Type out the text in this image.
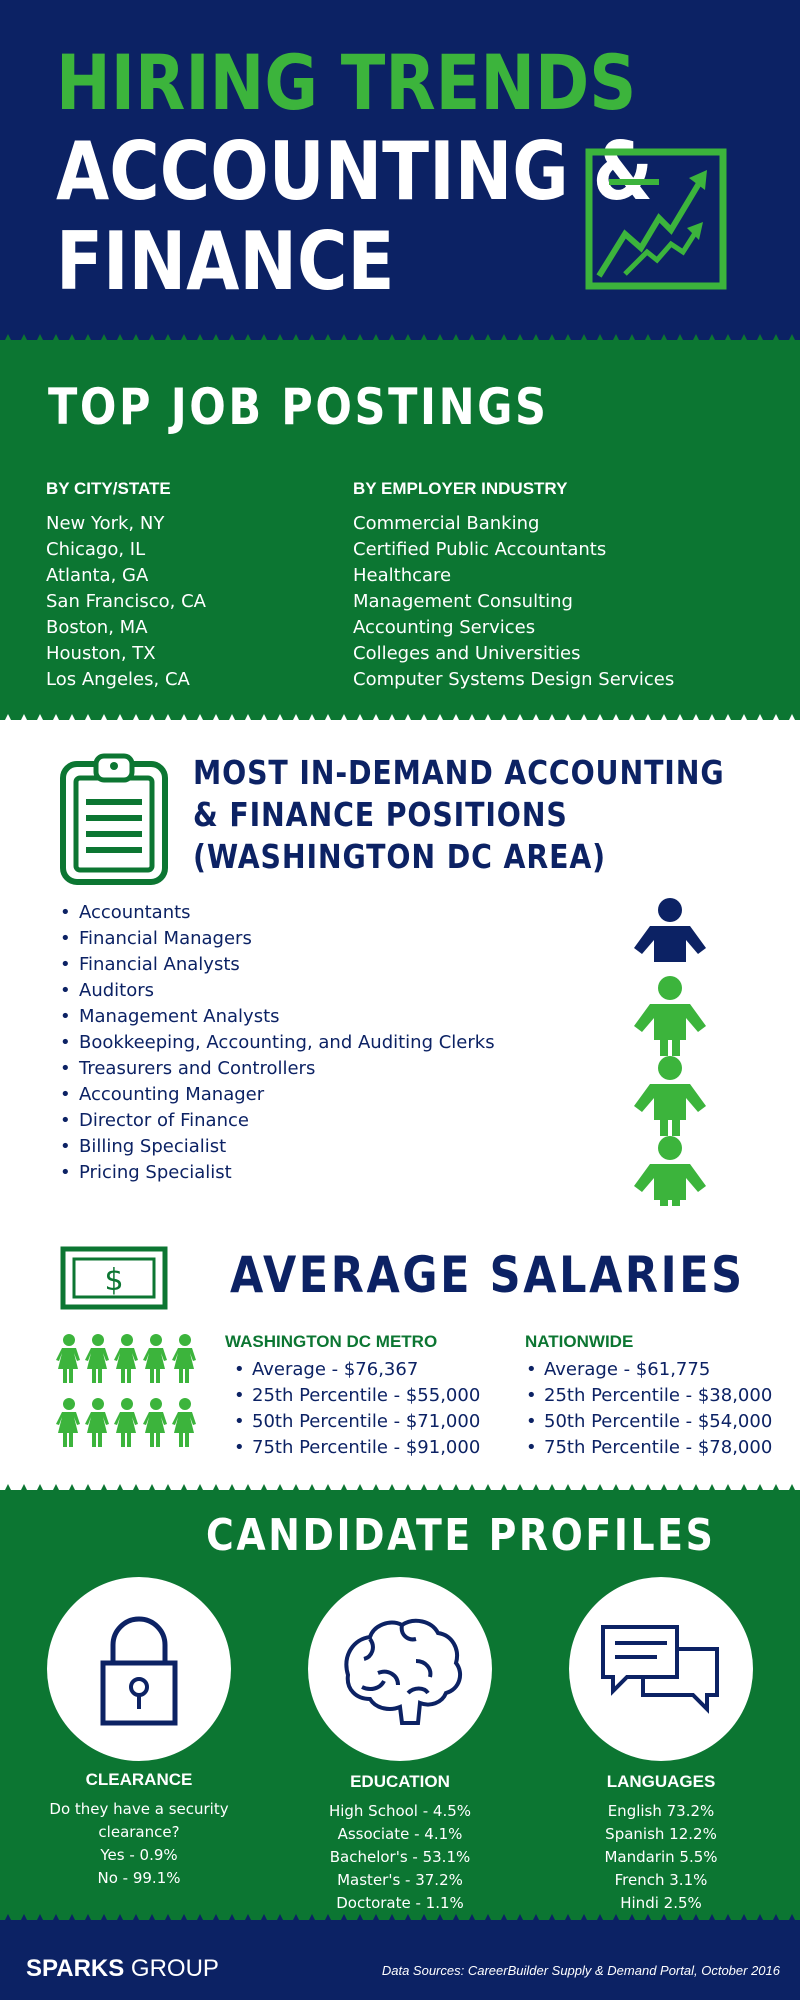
HIRING TRENDS
ACCOUNTING &
FINANCE
TOP JOB POSTINGS
BY CITY/STATE
New York, NY
Chicago, IL
Atlanta, GA
San Francisco, CA
Boston, MA
Houston, TX
Los Angeles, CA
BY EMPLOYER INDUSTRY
Commercial Banking
Certified Public Accountants
Healthcare
Management Consulting
Accounting Services
Colleges and Universities
Computer Systems Design Services
MOST IN-DEMAND ACCOUNTING & FINANCE POSITIONS (WASHINGTON DC AREA)
• Accountants
• Financial Managers
• Financial Analysts
• Auditors
• Management Analysts
• Bookkeeping, Accounting, and Auditing Clerks
• Treasurers and Controllers
• Accounting Manager
• Director of Finance
• Billing Specialist
• Pricing Specialist
$ AVERAGE SALARIES
WASHINGTON DC METRO
• Average - $76,367
• 25th Percentile - $55,000
• 50th Percentile - $71,000
• 75th Percentile - $91,000
NATIONWIDE
• Average - $61,775
• 25th Percentile - $38,000
• 50th Percentile - $54,000
• 75th Percentile - $78,000
CANDIDATE PROFILES
CLEARANCE
Do they have a security clearance?
Yes - 0.9%
No - 99.1%
EDUCATION
High School - 4.5%
Associate - 4.1%
Bachelor's - 53.1%
Master's - 37.2%
Doctorate - 1.1%
LANGUAGES
English 73.2%
Spanish 12.2%
Mandarin 5.5%
French 3.1%
Hindi 2.5%
SPARKS GROUP	Data Sources: CareerBuilder Supply & Demand Portal, October 2016
